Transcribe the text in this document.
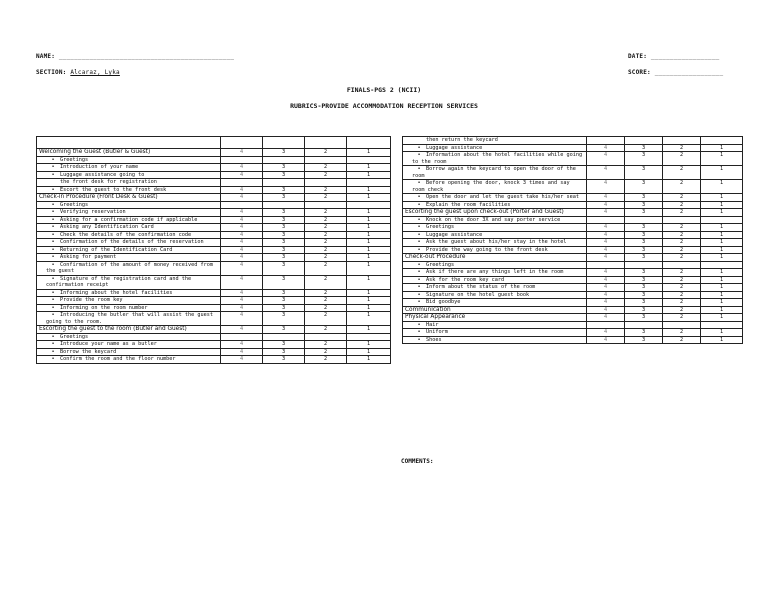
NAME: ______________________________________________
SECTION: Alcaraz, Lyka
DATE: __________________
SCORE: __________________
FINALS-PGS 2 (NCII)
RUBRICS-PROVIDE ACCOMMODATION RECEPTION SERVICES

Welcoming the Guest (Butler & Guest)	4	3	2	1
• Greetings				
• Introduction of your name	4	3	2	1
• Luggage assistance going to	4	3	2	1
the front desk for registration				
• Escort the guest to the front desk	4	3	2	1
Check-in Procedure (Front Desk & Guest)	4	3	2	1
• Greetings				
• Verifying reservation	4	3	2	1
• Asking for a confirmation code if applicable	4	3	2	1
• Asking any Identification Card	4	3	2	1
• Check the details of the confirmation code	4	3	2	1
• Confirmation of the details of the reservation	4	3	2	1
• Returning of the Identification Card	4	3	2	1
• Asking for payment	4	3	2	1
• Confirmation of the amount of money received from the guest	4	3	2	1
• Signature of the registration card and the confirmation receipt	4	3	2	1
• Informing about the hotel facilities	4	3	2	1
• Provide the room key	4	3	2	1
• Informing on the room number	4	3	2	1
• Introducing the butler that will assist the guest going to the room.	4	3	2	1
Escorting the guest to the room (Butler and Guest)	4	3	2	1
• Greetings				
• Introduce your name as a butler	4	3	2	1
• Borrow the keycard	4	3	2	1
• Confirm the room and the floor number	4	3	2	1
then return the keycard				
• Luggage assistance	4	3	2	1
• Information about the hotel facilities while going to the room	4	3	2	1
• Borrow again the keycard to open the door of the room	4	3	2	1
• Before opening the door, knock 3 times and say room check	4	3	2	1
• Open the door and let the guest take his/her seat	4	3	2	1
• Explain the room facilities	4	3	2	1
Escorting the guest upon check-out (Porter and Guest)	4	3	2	1
• Knock on the door 3X and say porter service				
• Greetings	4	3	2	1
• Luggage assistance	4	3	2	1
• Ask the guest about his/her stay in the hotel	4	3	2	1
• Provide the way going to the front desk	4	3	2	1
Check-out Procedure	4	3	2	1
• Greetings				
• Ask if there are any things left in the room	4	3	2	1
• Ask for the room key card	4	3	2	1
• Inform about the status of the room	4	3	2	1
• Signature on the hotel guest book	4	3	2	1
• Bid goodbye	4	3	2	1
Communication	4	3	2	1
Physical Appearance	4	3	2	1
• Hair				
• Uniform	4	3	2	1
• Shoes	4	3	2	1
COMMENTS:
